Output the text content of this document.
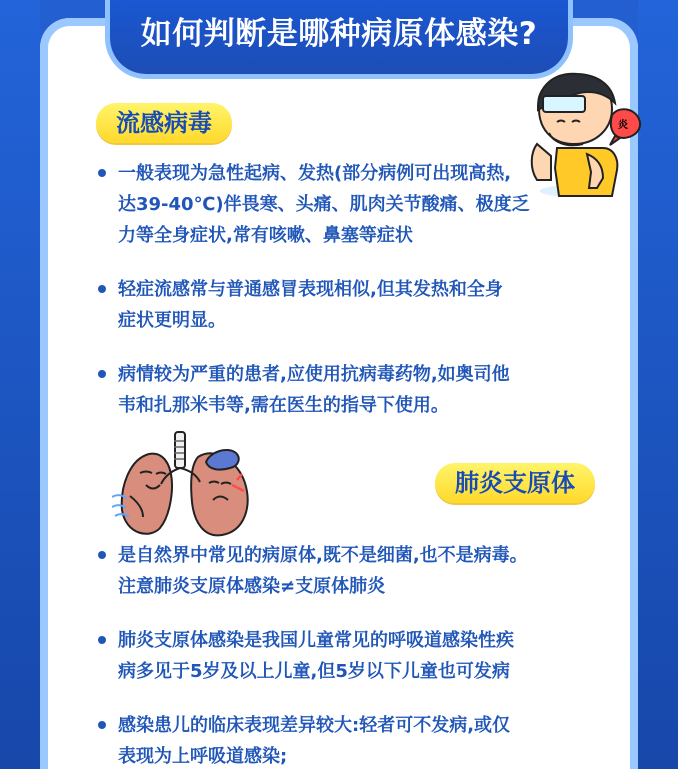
如何判断是哪种病原体感染?
流感病毒
一般表现为急性起病、发热(部分病例可出现高热,
达39-40℃)伴畏寒、头痛、肌肉关节酸痛、极度乏
力等全身症状,常有咳嗽、鼻塞等症状
轻症流感常与普通感冒表现相似,但其发热和全身
症状更明显。
病情较为严重的患者,应使用抗病毒药物,如奥司他
韦和扎那米韦等,需在医生的指导下使用。
肺炎支原体
是自然界中常见的病原体,既不是细菌,也不是病毒。
注意肺炎支原体感染≠支原体肺炎
肺炎支原体感染是我国儿童常见的呼吸道感染性疾
病多见于5岁及以上儿童,但5岁以下儿童也可发病
感染患儿的临床表现差异较大:轻者可不发病,或仅
表现为上呼吸道感染;
炎
